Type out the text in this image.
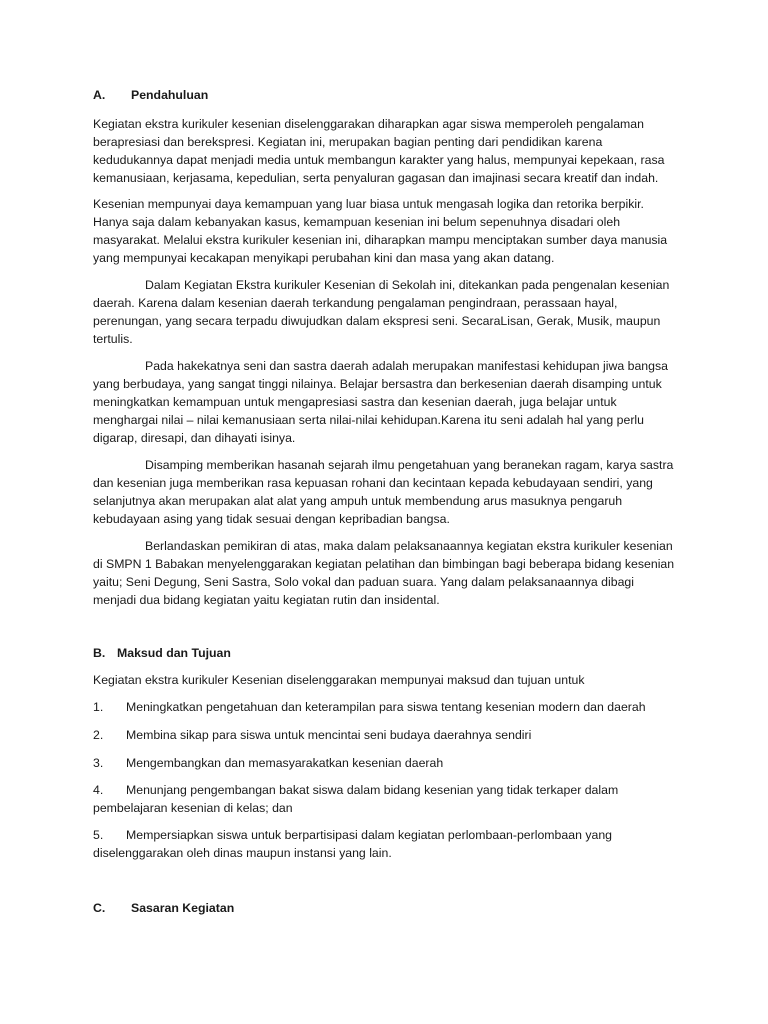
A.	Pendahuluan

Kegiatan ekstra kurikuler kesenian diselenggarakan diharapkan agar siswa memperoleh pengalaman berapresiasi dan berekspresi. Kegiatan ini, merupakan bagian penting dari pendidikan karena kedudukannya dapat menjadi media untuk membangun karakter yang halus, mempunyai kepekaan, rasa kemanusiaan, kerjasama, kepedulian, serta penyaluran gagasan dan imajinasi secara kreatif dan indah.

Kesenian mempunyai daya kemampuan yang luar biasa untuk mengasah logika dan retorika berpikir. Hanya saja dalam kebanyakan kasus, kemampuan kesenian ini belum sepenuhnya disadari oleh masyarakat. Melalui ekstra kurikuler kesenian ini, diharapkan mampu menciptakan sumber daya manusia yang mempunyai kecakapan menyikapi perubahan kini dan masa yang akan datang.

Dalam Kegiatan Ekstra kurikuler Kesenian di Sekolah ini, ditekankan pada pengenalan kesenian daerah. Karena dalam kesenian daerah terkandung pengalaman pengindraan, perassaan hayal, perenungan, yang secara terpadu diwujudkan dalam ekspresi seni. SecaraLisan, Gerak, Musik, maupun tertulis.

Pada hakekatnya seni dan sastra daerah adalah merupakan manifestasi kehidupan jiwa bangsa yang berbudaya, yang sangat tinggi nilainya. Belajar bersastra dan berkesenian daerah disamping untuk meningkatkan kemampuan untuk mengapresiasi sastra dan kesenian daerah, juga belajar untuk menghargai nilai – nilai kemanusiaan serta nilai-nilai kehidupan.Karena itu seni adalah hal yang perlu digarap, diresapi, dan dihayati isinya.

Disamping memberikan hasanah sejarah ilmu pengetahuan yang beranekan ragam, karya sastra dan kesenian juga memberikan rasa kepuasan rohani dan kecintaan kepada kebudayaan sendiri, yang selanjutnya akan merupakan alat alat yang ampuh untuk membendung arus masuknya pengaruh kebudayaan asing yang tidak sesuai dengan kepribadian bangsa.

Berlandaskan pemikiran di atas, maka dalam pelaksanaannya kegiatan ekstra kurikuler kesenian di SMPN 1 Babakan menyelenggarakan kegiatan pelatihan dan bimbingan bagi beberapa bidang kesenian yaitu; Seni Degung, Seni Sastra, Solo vokal dan paduan suara. Yang dalam pelaksanaannya dibagi menjadi dua bidang kegiatan yaitu kegiatan rutin dan insidental.

B. Maksud dan Tujuan

Kegiatan ekstra kurikuler Kesenian diselenggarakan mempunyai maksud dan tujuan untuk

1.	Meningkatkan pengetahuan dan keterampilan para siswa tentang kesenian modern dan daerah
2.	Membina sikap para siswa untuk mencintai seni budaya daerahnya sendiri
3.	Mengembangkan dan memasyarakatkan kesenian daerah
4. Menunjang pengembangan bakat siswa dalam bidang kesenian yang tidak terkaper dalam pembelajaran kesenian di kelas; dan
5. Mempersiapkan siswa untuk berpartisipasi dalam kegiatan perlombaan-perlombaan yang diselenggarakan oleh dinas maupun instansi yang lain.
C.	Sasaran Kegiatan
